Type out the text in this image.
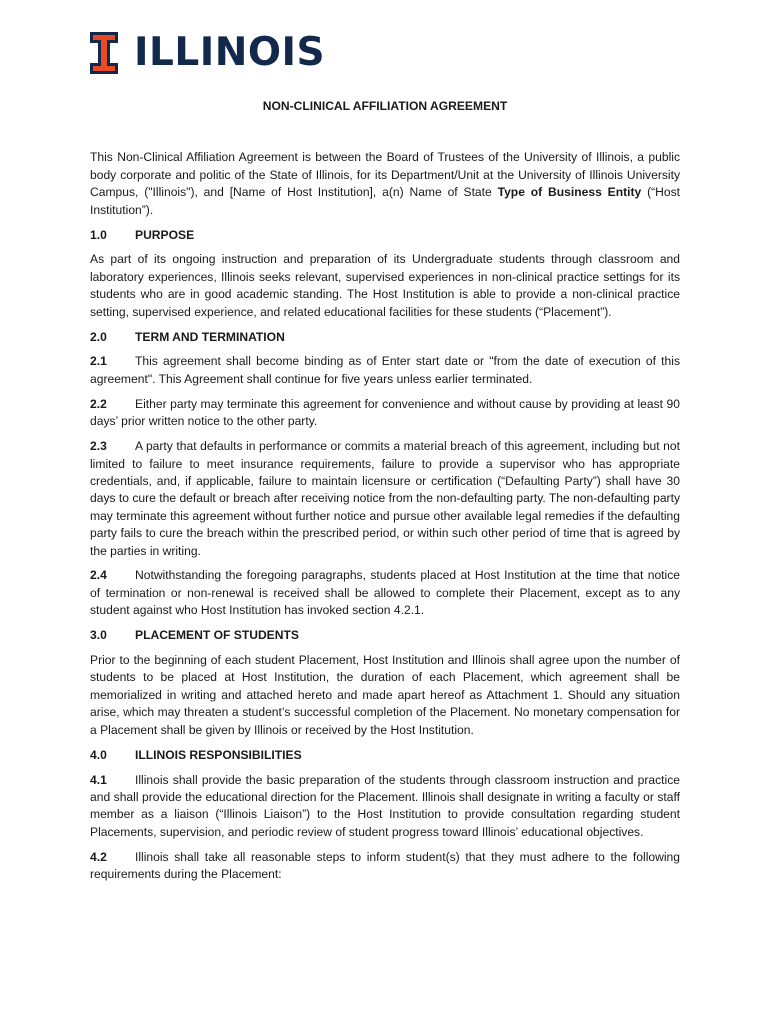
ILLINOIS
NON-CLINICAL AFFILIATION AGREEMENT

This Non-Clinical Affiliation Agreement is between the Board of Trustees of the University of Illinois, a public body corporate and politic of the State of Illinois, for its Department/Unit at the University of Illinois University Campus, ("Illinois"), and [Name of Host Institution], a(n) Name of State Type of Business Entity (“Host Institution”).

1.0	PURPOSE

As part of its ongoing instruction and preparation of its Undergraduate students through classroom and laboratory experiences, Illinois seeks relevant, supervised experiences in non-clinical practice settings for its students who are in good academic standing. The Host Institution is able to provide a non-clinical practice setting, supervised experience, and related educational facilities for these students (“Placement”).

2.0	TERM AND TERMINATION

2.1 This agreement shall become binding as of Enter start date or "from the date of execution of this agreement". This Agreement shall continue for five years unless earlier terminated.

2.2 Either party may terminate this agreement for convenience and without cause by providing at least 90 days’ prior written notice to the other party.

2.3 A party that defaults in performance or commits a material breach of this agreement, including but not limited to failure to meet insurance requirements, failure to provide a supervisor who has appropriate credentials, and, if applicable, failure to maintain licensure or certification (“Defaulting Party”) shall have 30 days to cure the default or breach after receiving notice from the non-defaulting party. The non-defaulting party may terminate this agreement without further notice and pursue other available legal remedies if the defaulting party fails to cure the breach within the prescribed period, or within such other period of time that is agreed by the parties in writing.

2.4 Notwithstanding the foregoing paragraphs, students placed at Host Institution at the time that notice of termination or non-renewal is received shall be allowed to complete their Placement, except as to any student against who Host Institution has invoked section 4.2.1.

3.0	PLACEMENT OF STUDENTS

Prior to the beginning of each student Placement, Host Institution and Illinois shall agree upon the number of students to be placed at Host Institution, the duration of each Placement, which agreement shall be memorialized in writing and attached hereto and made apart hereof as Attachment 1. Should any situation arise, which may threaten a student’s successful completion of the Placement. No monetary compensation for a Placement shall be given by Illinois or received by the Host Institution.

4.0	ILLINOIS RESPONSIBILITIES

4.1 Illinois shall provide the basic preparation of the students through classroom instruction and practice and shall provide the educational direction for the Placement. Illinois shall designate in writing a faculty or staff member as a liaison (“Illinois Liaison”) to the Host Institution to provide consultation regarding student Placements, supervision, and periodic review of student progress toward Illinois’ educational objectives.

4.2 Illinois shall take all reasonable steps to inform student(s) that they must adhere to the following requirements during the Placement:
